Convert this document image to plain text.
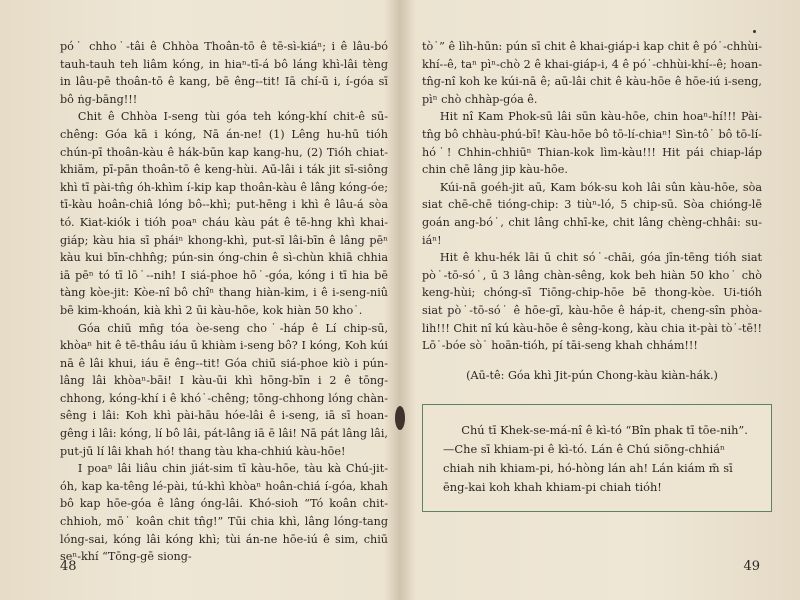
pó˙ chho˙-tâi ê Chhòa Thoân-tō ê tē-sì-kiáⁿ; i ê lâu-bó tauh-tauh teh liâm kóng, in hiaⁿ-tī-á bô láng khì-lâi tèng in lâu-pē thoân-tō ê kang, bē êng--tit! Iā chí-ū i, í-góa sī bô ṅg-bāng!!!

Chit ê Chhòa I-seng tùi góa teh kóng-khí chit-ê sū-chêng: Góa kā i kóng, Nā án-ne! (1) Lêng hu-hū tióh chún-pī thoân-kàu ê hák-būn kap kang-hu, (2) Tióh chiat-khiām, pī-pān thoân-tō ê keng-hùi. Aū-lâi i ták jit sī-siông khì tī pài-tn̂g óh-khìm í-kip kap thoân-kàu ê lâng kóng-óe; tī-kàu hoân-chiâ lóng bô--khì; put-hēng i khì ê lâu-á sòa tó. Kiat-kiók i tióh poaⁿ cháu kàu pát ê tē-hng khì khai-giáp; kàu hia sī pháiⁿ khong-khì, put-sī lâi-bīn ê lâng pēⁿ kàu kui bīn-chhn̂g; pún-sin óng-chin ê sì-chùn khiā chhia iā pēⁿ tó tī lō˙--nih! I siá-phoe hō˙-góa, kóng i tī hia bē tàng kòe-jit: Kòe-nî bô chîⁿ thang hiàn-kim, i ê i-seng-niû bē kim-khoán, kià khì 2 ūi kàu-hōe, kok hiàn 50 kho˙.

Góa chiū mn̄g tóa òe-seng cho˙-háp ê Lí chip-sū, khòaⁿ hit ê tē-thâu iáu ū khiàm i-seng bô? I kóng, Koh kúi nā ê lâi khui, iáu ē êng--tit! Góa chiū siá-phoe kiò i pún-lâng lâi khòaⁿ-bāi! I kàu-ūi khì hōng-bīn i 2 ê tōng-chhong, kóng-khí i ê khó˙-chêng; tōng-chhong lóng chàn-sêng i lâi: Koh khì pài-hāu hóe-lâi ê i-seng, iā sī hoan-gêng i lâi: kóng, lí bô lâi, pát-lâng iā ē lâi! Nā pát lâng lâi, put-jū lí lâi khah hó! thang tàu kha-chhiú kàu-hōe!

I poaⁿ lâi liâu chin jiát-sim tī kàu-hōe, tàu kà Chú-jit-óh, kap ka-têng lé-pài, tú-khì khòaⁿ hoân-chiá í-góa, khah bô kap hōe-góa ê lâng óng-lâi. Khó-sioh “Tó koân chit-chhioh, mō˙ koân chit tn̂g!” Tūi chia khì, lâng lóng-tang lóng-sai, kóng lâi kóng khì; tùi án-ne hōe-iú ê sim, chiū seⁿ-khí “Tōng-gē siong-

48

tò˙” ê lìh-hūn: pún sī chit ê khai-giáp-i kap chit ê pó˙-chhùi-khí--ê, taⁿ pìⁿ-chò 2 ê khai-giáp-i, 4 ê pó˙-chhùi-khí--ê; hoan-tn̂g-nî koh ke kúi-nā ê; aū-lâi chit ê kàu-hōe ê hōe-iú i-seng, pìⁿ chò chhàp-góa ê.

Hit nî Kam Phok-sū lâi sūn kàu-hōe, chin hoaⁿ-hí!!! Pài-tn̂g bô chhàu-phú-bī! Kàu-hōe bô tō-lí-chiaⁿ! Sìn-tô˙ bô tō-lí-hó˙! Chhin-chhiūⁿ Thian-kok lìm-kàu!!! Hit pái chiap-láp chin chē lâng jip kàu-hōe.

Kúi-nā goéh-jit aū, Kam bók-su koh lâi sûn kàu-hōe, sòa siat chē-chē tióng-chip: 3 tiùⁿ-ló, 5 chip-sū. Sòa chióng-lē goán ang-bó˙, chit lâng chhī-ke, chit lâng chèng-chhâi: su-iáⁿ!

Hit ê khu-hék lāi ū chit só˙-chāi, góa jīn-tēng tióh siat pò˙-tō-só˙, ū 3 lâng chàn-sêng, kok beh hiàn 50 kho˙ chò keng-hùi; chóng-sī Tiōng-chip-hōe bē thong-kòe. Ui-tióh siat pò˙-tō-só˙ ê hōe-gī, kàu-hōe ê háp-it, cheng-sîn phòa-lih!!! Chit nî kú kàu-hōe ê sêng-kong, kàu chia it-pài tò˙-tē!! Lō˙-bóe sò˙ hoān-tióh, pí tāi-seng khah chhám!!!

(Aū-tê: Góa khì Jit-pún Chong-kàu kiàn-hák.)

Chú tī Khek-se-má-nî ê kì-tó “Bîn phak tī tōe-nih”.—Che sī khiam-pi ê kì-tó. Lán ê Chú siōng-chhiáⁿ chiah nih khiam-pi, hó-hòng lán ah! Lán kiám m̄ sī ēng-kai koh khah khiam-pi chiah tióh!

49
